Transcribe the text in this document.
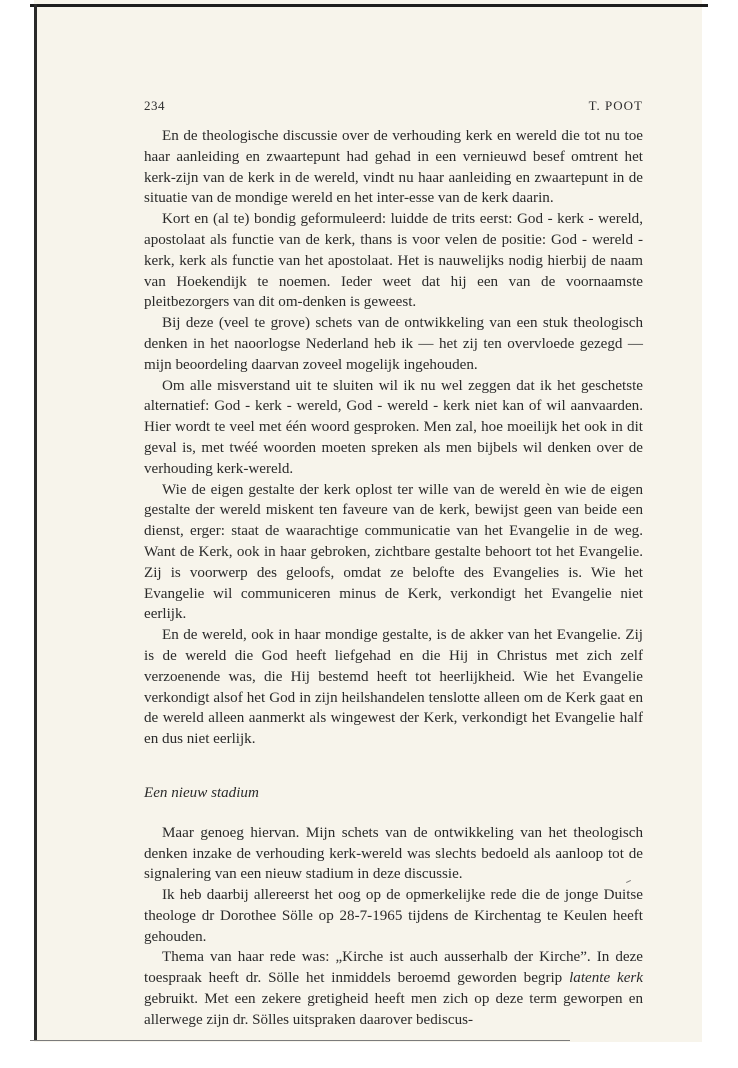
234	T. POOT

En de theologische discussie over de verhouding kerk en wereld die tot nu toe haar aanleiding en zwaartepunt had gehad in een vernieuwd besef omtrent het kerk-zijn van de kerk in de wereld, vindt nu haar aanleiding en zwaartepunt in de situatie van de mondige wereld en het inter-esse van de kerk daarin.

Kort en (al te) bondig geformuleerd: luidde de trits eerst: God - kerk - wereld, apostolaat als functie van de kerk, thans is voor velen de positie: God - wereld - kerk, kerk als functie van het apostolaat. Het is nauwelijks nodig hierbij de naam van Hoekendijk te noemen. Ieder weet dat hij een van de voornaamste pleitbezorgers van dit om-denken is geweest.

Bij deze (veel te grove) schets van de ontwikkeling van een stuk theologisch denken in het naoorlogse Nederland heb ik — het zij ten overvloede gezegd — mijn beoordeling daarvan zoveel mogelijk ingehouden.

Om alle misverstand uit te sluiten wil ik nu wel zeggen dat ik het geschetste alternatief: God - kerk - wereld, God - wereld - kerk niet kan of wil aanvaarden. Hier wordt te veel met één woord gesproken. Men zal, hoe moeilijk het ook in dit geval is, met twéé woorden moeten spreken als men bijbels wil denken over de verhouding kerk-wereld.

Wie de eigen gestalte der kerk oplost ter wille van de wereld èn wie de eigen gestalte der wereld miskent ten faveure van de kerk, bewijst geen van beide een dienst, erger: staat de waarachtige communicatie van het Evangelie in de weg. Want de Kerk, ook in haar gebroken, zichtbare gestalte behoort tot het Evangelie. Zij is voorwerp des geloofs, omdat ze belofte des Evangelies is. Wie het Evangelie wil communiceren minus de Kerk, verkondigt het Evangelie niet eerlijk.

En de wereld, ook in haar mondige gestalte, is de akker van het Evangelie. Zij is de wereld die God heeft liefgehad en die Hij in Christus met zich zelf verzoenende was, die Hij bestemd heeft tot heerlijkheid. Wie het Evangelie verkondigt alsof het God in zijn heilshandelen tenslotte alleen om de Kerk gaat en de wereld alleen aanmerkt als wingewest der Kerk, verkondigt het Evangelie half en dus niet eerlijk.

Een nieuw stadium

Maar genoeg hiervan. Mijn schets van de ontwikkeling van het theologisch denken inzake de verhouding kerk-wereld was slechts bedoeld als aanloop tot de signalering van een nieuw stadium in deze discussie.

Ik heb daarbij allereerst het oog op de opmerkelijke rede die de jonge Duitse theologe dr Dorothee Sölle op 28-7-1965 tijdens de Kirchentag te Keulen heeft gehouden.

Thema van haar rede was: „Kirche ist auch ausserhalb der Kirche”. In deze toespraak heeft dr. Sölle het inmiddels beroemd geworden begrip latente kerk gebruikt. Met een zekere gretigheid heeft men zich op deze term geworpen en allerwege zijn dr. Sölles uitspraken daarover bediscus-
